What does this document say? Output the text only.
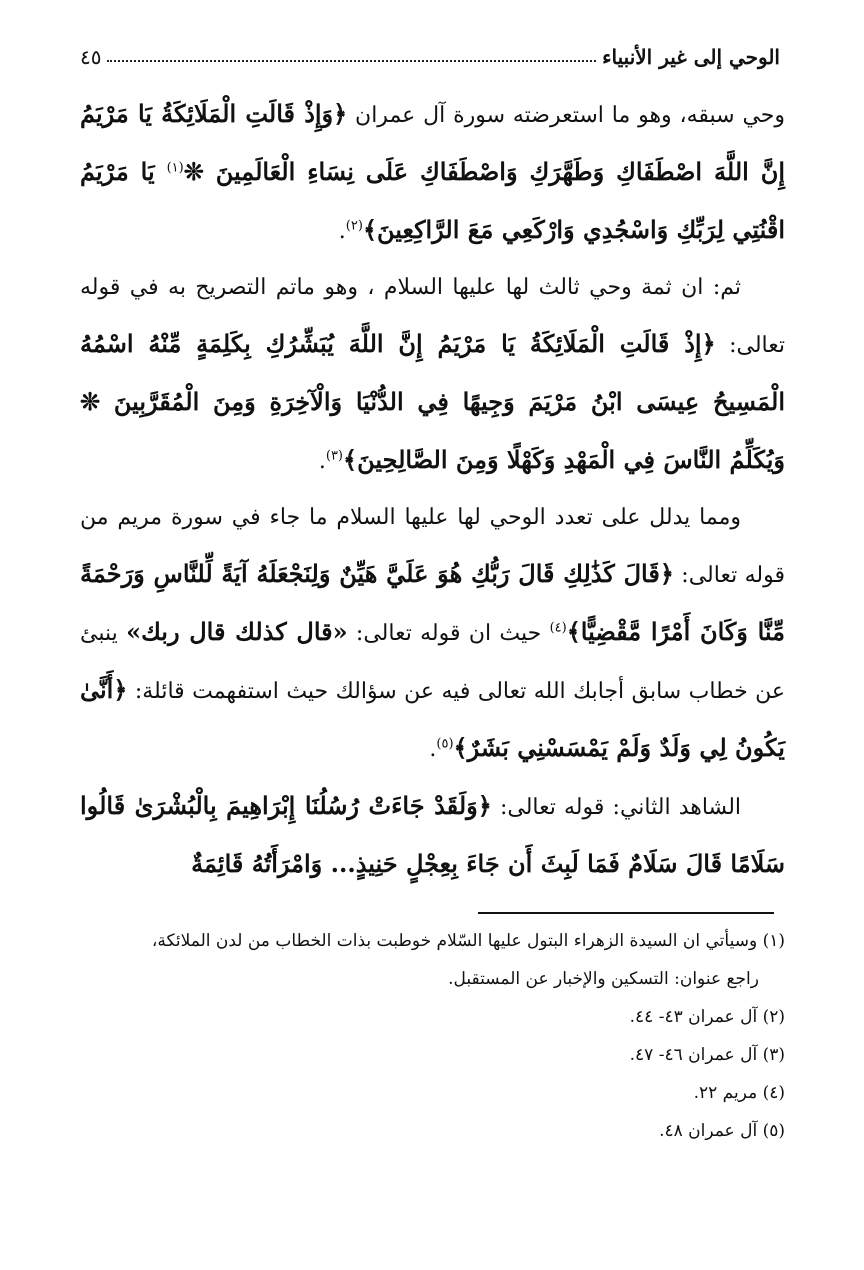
الوحي إلى غير الأنبياء
٤٥

وحي سبقه، وهو ما استعرضته سورة آل عمران ﴿وَإِذْ قَالَتِ الْمَلَائِكَةُ يَا مَرْيَمُ إِنَّ اللَّهَ اصْطَفَاكِ وَطَهَّرَكِ وَاصْطَفَاكِ عَلَى نِسَاءِ الْعَالَمِينَ ❊$^{(١)}$ يَا مَرْيَمُ اقْنُتِي لِرَبِّكِ وَاسْجُدِي وَارْكَعِي مَعَ الرَّاكِعِينَ﴾$^{(٢)}$.

ثم: ان ثمة وحي ثالث لها عليها السلام ، وهو ماتم التصريح به في قوله تعالى: ﴿إِذْ قَالَتِ الْمَلَائِكَةُ يَا مَرْيَمُ إِنَّ اللَّهَ يُبَشِّرُكِ بِكَلِمَةٍ مِّنْهُ اسْمُهُ الْمَسِيحُ عِيسَى ابْنُ مَرْيَمَ وَجِيهًا فِي الدُّنْيَا وَالْآخِرَةِ وَمِنَ الْمُقَرَّبِينَ ❊ وَيُكَلِّمُ النَّاسَ فِي الْمَهْدِ وَكَهْلًا وَمِنَ الصَّالِحِينَ﴾$^{(٣)}$.

ومما يدلل على تعدد الوحي لها عليها السلام ما جاء في سورة مريم من قوله تعالى: ﴿قَالَ كَذَٰلِكِ قَالَ رَبُّكِ هُوَ عَلَيَّ هَيِّنٌ وَلِنَجْعَلَهُ آيَةً لِّلنَّاسِ وَرَحْمَةً مِّنَّا وَكَانَ أَمْرًا مَّقْضِيًّا﴾$^{(٤)}$ حيث ان قوله تعالى: «قال كذلك قال ربك» ينبئ عن خطاب سابق أجابك الله تعالى فيه عن سؤالك حيث استفهمت قائلة: ﴿أَنَّىٰ يَكُونُ لِي وَلَدٌ وَلَمْ يَمْسَسْنِي بَشَرٌ﴾$^{(٥)}$.

الشاهد الثاني: قوله تعالى: ﴿وَلَقَدْ جَاءَتْ رُسُلُنَا إِبْرَاهِيمَ بِالْبُشْرَىٰ قَالُوا سَلَامًا قَالَ سَلَامٌ فَمَا لَبِثَ أَن جَاءَ بِعِجْلٍ حَنِيذٍ... وَامْرَأَتُهُ قَائِمَةٌ

(١) وسيأتي ان السيدة الزهراء البتول عليها السّلام خوطبت بذات الخطاب من لدن الملائكة،

راجع عنوان: التسكين والإخبار عن المستقبل.

(٢) آل عمران ٤٣- ٤٤.

(٣) آل عمران ٤٦- ٤٧.

(٤) مريم ٢٢.

(٥) آل عمران ٤٨.
